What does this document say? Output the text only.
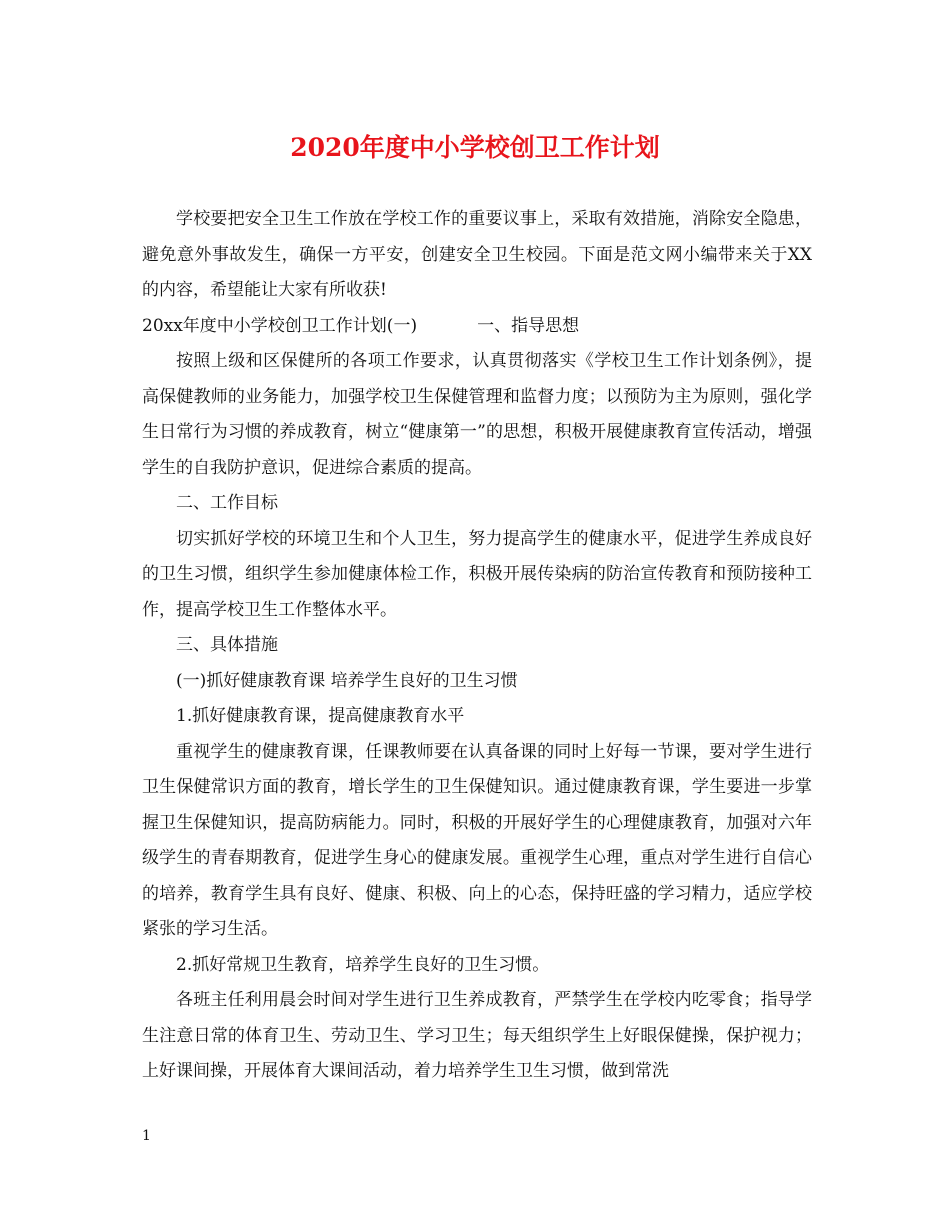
2020年度中小学校创卫工作计划

学校要把安全卫生工作放在学校工作的重要议事上，采取有效措施，消除安全隐患，避免意外事故发生，确保一方平安，创建安全卫生校园。下面是范文网小编带来关于XX的内容，希望能让大家有所收获!

20xx年度中小学校创卫工作计划(一)	一、指导思想

按照上级和区保健所的各项工作要求，认真贯彻落实《学校卫生工作计划条例》，提高保健教师的业务能力，加强学校卫生保健管理和监督力度；以预防为主为原则，强化学生日常行为习惯的养成教育，树立“健康第一”的思想，积极开展健康教育宣传活动，增强学生的自我防护意识，促进综合素质的提高。

二、工作目标

切实抓好学校的环境卫生和个人卫生，努力提高学生的健康水平，促进学生养成良好的卫生习惯，组织学生参加健康体检工作，积极开展传染病的防治宣传教育和预防接种工作，提高学校卫生工作整体水平。

三、具体措施

(一)抓好健康教育课 培养学生良好的卫生习惯

1.抓好健康教育课，提高健康教育水平

重视学生的健康教育课，任课教师要在认真备课的同时上好每一节课，要对学生进行卫生保健常识方面的教育，增长学生的卫生保健知识。通过健康教育课，学生要进一步掌握卫生保健知识，提高防病能力。同时，积极的开展好学生的心理健康教育，加强对六年级学生的青春期教育，促进学生身心的健康发展。重视学生心理，重点对学生进行自信心的培养，教育学生具有良好、健康、积极、向上的心态，保持旺盛的学习精力，适应学校紧张的学习生活。

2.抓好常规卫生教育，培养学生良好的卫生习惯。

各班主任利用晨会时间对学生进行卫生养成教育，严禁学生在学校内吃零食；指导学生注意日常的体育卫生、劳动卫生、学习卫生；每天组织学生上好眼保健操，保护视力；上好课间操，开展体育大课间活动，着力培养学生卫生习惯，做到常洗

1
